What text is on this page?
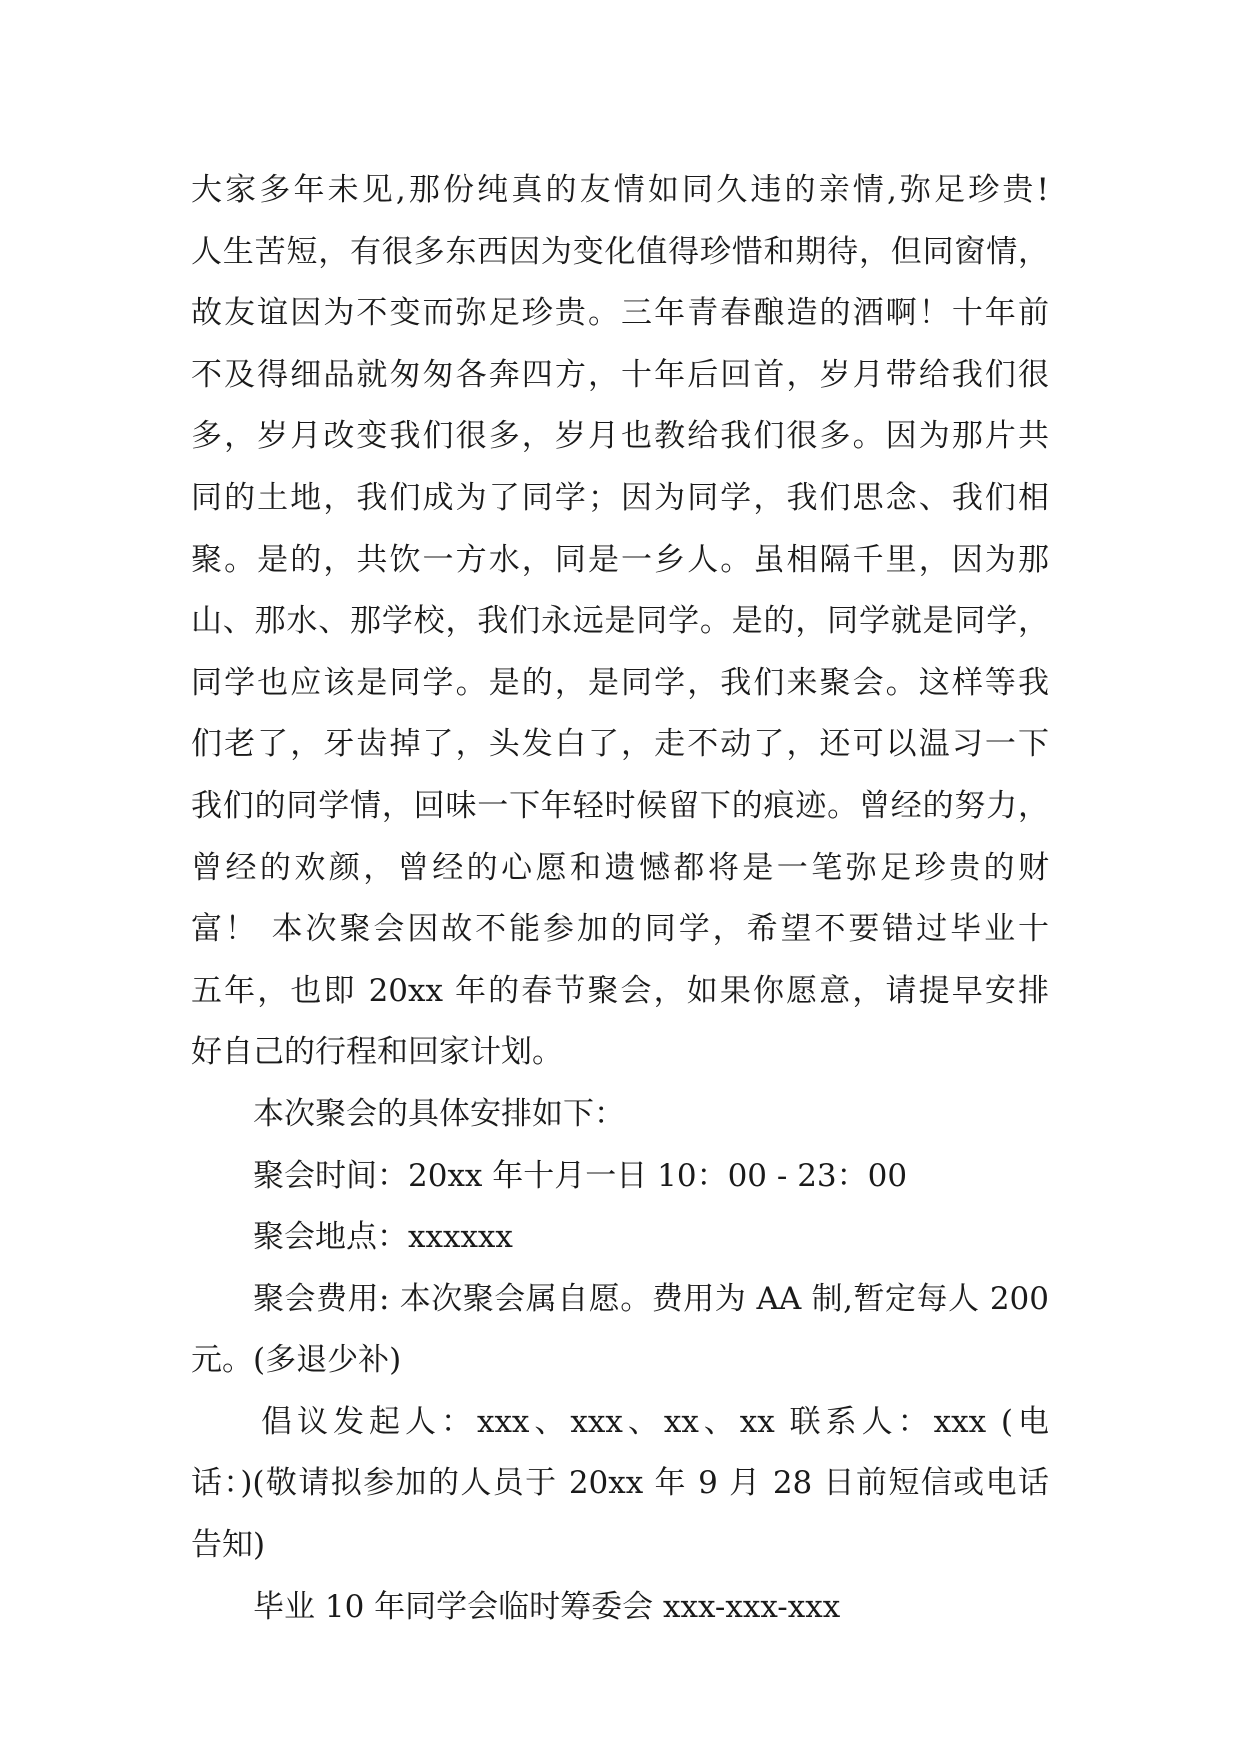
大家多年未见,那份纯真的友情如同久违的亲情,弥足珍贵!
人生苦短，有很多东西因为变化值得珍惜和期待，但同窗情，
故友谊因为不变而弥足珍贵。三年青春酿造的酒啊！十年前
不及得细品就匆匆各奔四方，十年后回首，岁月带给我们很
多，岁月改变我们很多，岁月也教给我们很多。因为那片共
同的土地，我们成为了同学；因为同学，我们思念、我们相
聚。是的，共饮一方水，同是一乡人。虽相隔千里，因为那
山、那水、那学校，我们永远是同学。是的，同学就是同学，
同学也应该是同学。是的，是同学，我们来聚会。这样等我
们老了，牙齿掉了，头发白了，走不动了，还可以温习一下
我们的同学情，回味一下年轻时候留下的痕迹。曾经的努力，
曾经的欢颜，曾经的心愿和遗憾都将是一笔弥足珍贵的财
富！ 本次聚会因故不能参加的同学，希望不要错过毕业十
五年，也即 20xx 年的春节聚会，如果你愿意，请提早安排
好自己的行程和回家计划。
本次聚会的具体安排如下：
聚会时间：20xx 年十月一日 10：00 - 23：00
聚会地点：xxxxxx
聚会费用: 本次聚会属自愿。费用为 AA 制,暂定每人 200
元。(多退少补)
倡议发起人：xxx、xxx、xx、xx 联系人：xxx (电
话：)(敬请拟参加的人员于 20xx 年 9 月 28 日前短信或电话
告知)
毕业 10 年同学会临时筹委会 xxx-xxx-xxx
